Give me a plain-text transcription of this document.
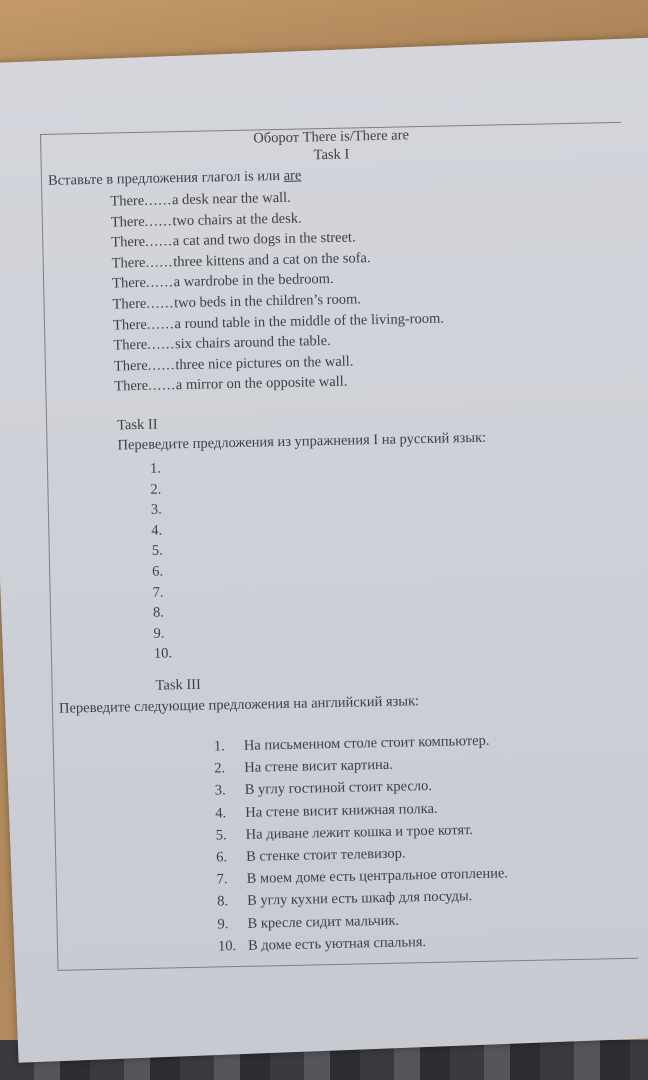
Оборот There is/There are
Task I
Вставьте в предложения глагол is или are
There......a desk near the wall.
There......two chairs at the desk.
There......a cat and two dogs in the street.
There......three kittens and a cat on the sofa.
There......a wardrobe in the bedroom.
There......two beds in the children’s room.
There......a round table in the middle of the living-room.
There......six chairs around the table.
There......three nice pictures on the wall.
There......a mirror on the opposite wall.
Task II
Переведите предложения из упражнения I на русский язык:
1.
2.
3.
4.
5.
6.
7.
8.
9.
10.
Task III
Переведите следующие предложения на английский язык:
1. На письменном столе стоит компьютер.
2. На стене висит картина.
3. В углу гостиной стоит кресло.
4. На стене висит книжная полка.
5. На диване лежит кошка и трое котят.
6. В стенке стоит телевизор.
7. В моем доме есть центральное отопление.
8. В углу кухни есть шкаф для посуды.
9. В кресле сидит мальчик.
10. В доме есть уютная спальня.
